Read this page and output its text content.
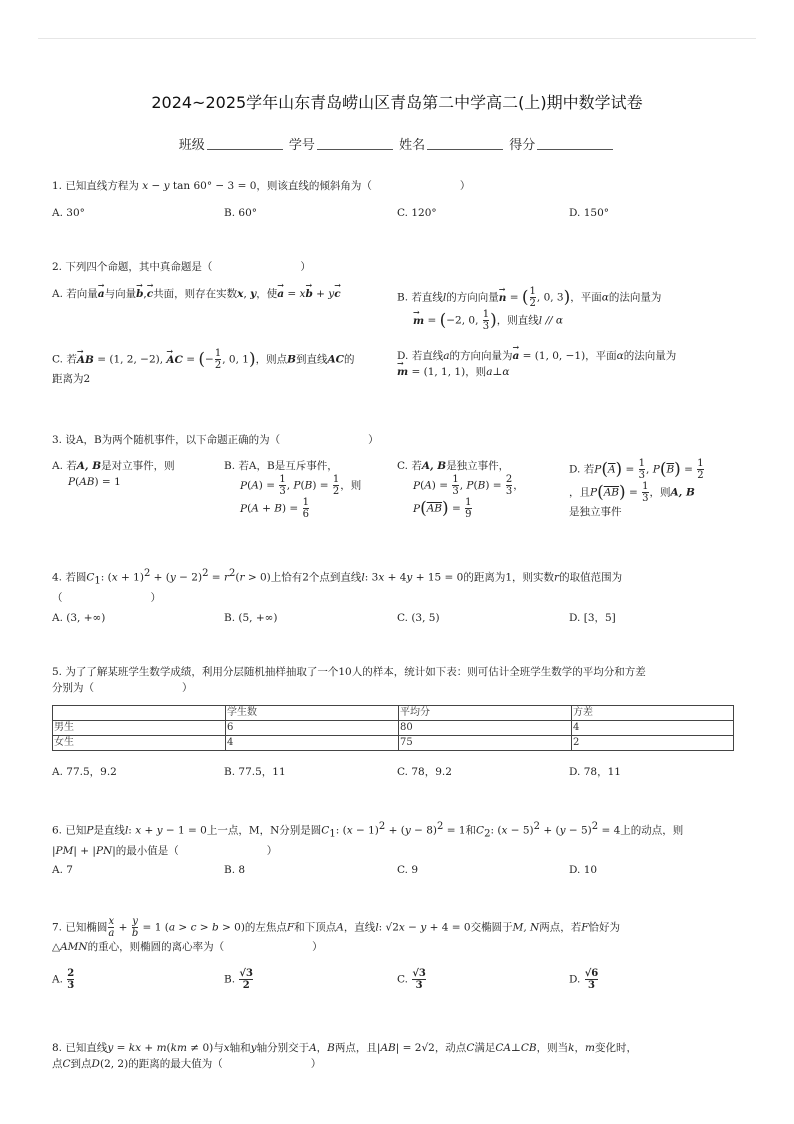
2024~2025学年山东青岛崂山区青岛第二中学高二(上)期中数学试卷
班级	学号	姓名	得分
1. 已知直线方程为 x − y tan 60° − 3 = 0，则该直线的倾斜角为（	）
A. 30°	B. 60°	C. 120°	D. 150°
2. 下列四个命题，其中真命题是（	）
A. 若向量→ a与向量→ b,→ c共面，则存在实数x, y，使→ a = x→ b + y→ c	B. 若直线l的方向向量→ n = ( $\frac{1}{2}$ , 0, 3)，平面α的法向量为
→ m = (−2, 0, $\frac{1}{3}$ )，则直线l // α
C. 若→ AB = (1, 2, −2), → AC = (− $\frac{1}{2}$ , 0, 1)，则点B到直线AC的
距离为2
D. 若直线a的方向向量为→ a = (1, 0, −1)，平面α的法向量为
→ m = (1, 1, 1)，则a⊥α
3. 设A，B为两个随机事件，以下命题正确的为（	）
A. 若A, B是对立事件，则
P(AB) = 1
B. 若A，B是互斥事件，
$P(A) = \frac{1}{3}$ , $P(B) = \frac{1}{2}$ ，则
$P(A + B) = \frac{1}{6}$
C. 若A, B是独立事件，
$P(A) = \frac{1}{3}$ , $P(B) = \frac{2}{3}$ ，
$P(\overline{AB}) = \frac{1}{9}$
D. 若$P(\overline{A}) = \frac{1}{3}$ , $P(\overline{B}) = \frac{1}{2}$

，且$P(\overline{AB}) = \frac{1}{3}$ ，则A, B
是独立事件
4. 若圆$C_1$: $(x + 1)^2 + (y - 2)^2 = r^2(r > 0)$上恰有2个点到直线l: 3x + 4y + 15 = 0的距离为1，则实数r的取值范围为
（	）
A. (3, +∞)	B. (5, +∞)	C. (3, 5)	D. [3，5]
5. 为了了解某班学生数学成绩，利用分层随机抽样抽取了一个10人的样本，统计如下表：则可估计全班学生数学的平均分和方差
分别为（	）
	学生数	平均分	方差
男生	6	80	4
女生	4	75	2
A. 77.5，9.2	B. 77.5，11	C. 78，9.2	D. 78，11
6. 已知P是直线l: x + y − 1 = 0上一点，M，N分别是圆$C_1$: $(x - 1)^2 + (y - 8)^2 = 1$和$C_2$: $(x - 5)^2 + (y - 5)^2 = 4$上的动点，则
|PM| + |PN|的最小值是（	）
A. 7	B. 8	C. 9	D. 10
7. 已知椭圆 $\frac{x}{a} + \frac{y}{b} = 1$ (a > c > b > 0)的左焦点F和下顶点A，直线l: √2x − y + 4 = 0交椭圆于M, N两点，若F恰好为
△AMN的重心，则椭圆的离心率为（	）
A. $\frac{2}{3}$	B. $\frac{√3}{2}$	C. $\frac{√3}{3}$	D. $\frac{√6}{3}$
8. 已知直线y = kx + m(km ≠ 0)与x轴和y轴分别交于A，B两点，且|AB| = 2√2，动点C满足CA⊥CB，则当k，m变化时，
点C到点D(2, 2)的距离的最大值为（	）
